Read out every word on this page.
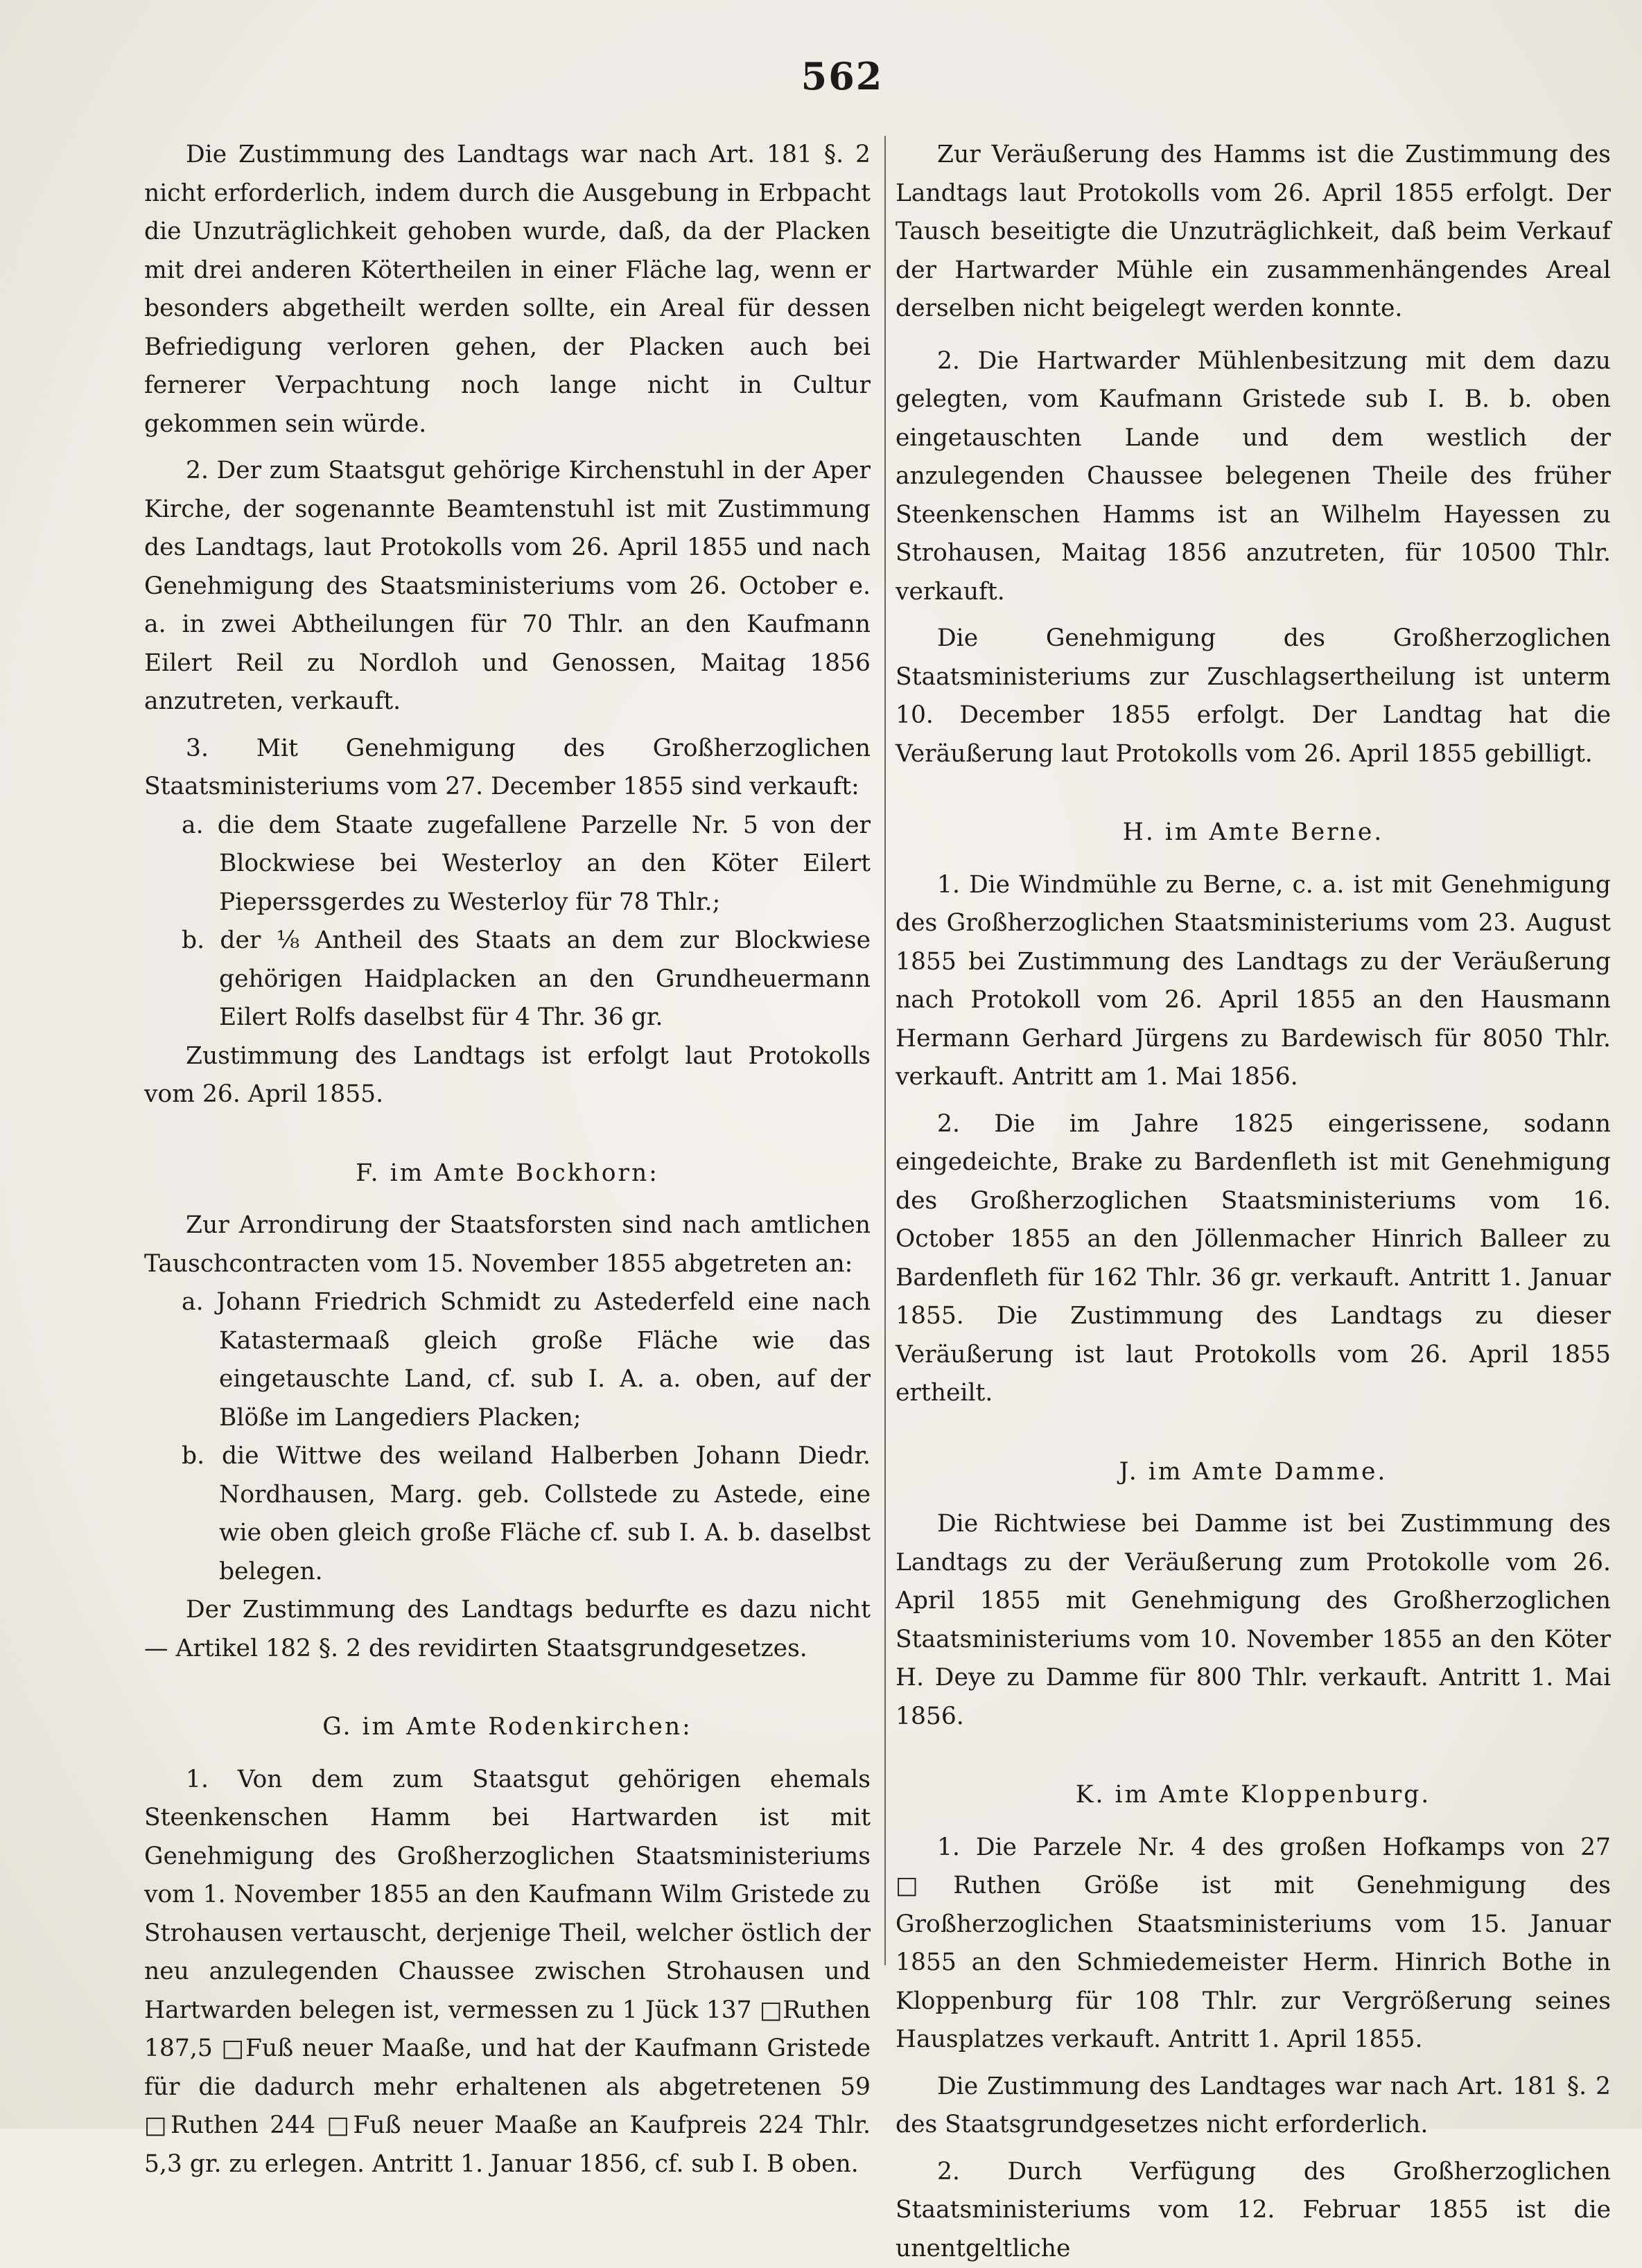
562

Die Zustimmung des Landtags war nach Art. 181 §. 2 nicht erforderlich, indem durch die Ausgebung in Erbpacht die Unzuträglichkeit gehoben wurde, daß, da der Placken mit drei anderen Kötertheilen in einer Fläche lag, wenn er besonders abgetheilt werden sollte, ein Areal für dessen Befriedigung verloren gehen, der Placken auch bei fernerer Verpachtung noch lange nicht in Cultur gekommen sein würde.

2. Der zum Staatsgut gehörige Kirchenstuhl in der Aper Kirche, der sogenannte Beamtenstuhl ist mit Zustimmung des Landtags, laut Protokolls vom 26. April 1855 und nach Genehmigung des Staatsministeriums vom 26. October e. a. in zwei Abtheilungen für 70 Thlr. an den Kaufmann Eilert Reil zu Nordloh und Genossen, Maitag 1856 anzutreten, verkauft.

3. Mit Genehmigung des Großherzoglichen Staatsministeriums vom 27. December 1855 sind verkauft:

a. die dem Staate zugefallene Parzelle Nr. 5 von der Blockwiese bei Westerloy an den Köter Eilert Pieperssgerdes zu Westerloy für 78 Thlr.;

b. der ⅛ Antheil des Staats an dem zur Blockwiese gehörigen Haidplacken an den Grundheuermann Eilert Rolfs daselbst für 4 Thr. 36 gr.

Zustimmung des Landtags ist erfolgt laut Protokolls vom 26. April 1855.

F. im Amte Bockhorn:

Zur Arrondirung der Staatsforsten sind nach amtlichen Tauschcontracten vom 15. November 1855 abgetreten an:

a. Johann Friedrich Schmidt zu Astederfeld eine nach Katastermaaß gleich große Fläche wie das eingetauschte Land, cf. sub I. A. a. oben, auf der Blöße im Langediers Placken;

b. die Wittwe des weiland Halberben Johann Diedr. Nordhausen, Marg. geb. Collstede zu Astede, eine wie oben gleich große Fläche cf. sub I. A. b. daselbst belegen.

Der Zustimmung des Landtags bedurfte es dazu nicht — Artikel 182 §. 2 des revidirten Staatsgrundgesetzes.

G. im Amte Rodenkirchen:

1. Von dem zum Staatsgut gehörigen ehemals Steenkenschen Hamm bei Hartwarden ist mit Genehmigung des Großherzoglichen Staatsministeriums vom 1. November 1855 an den Kaufmann Wilm Gristede zu Strohausen vertauscht, derjenige Theil, welcher östlich der neu anzulegenden Chaussee zwischen Strohausen und Hartwarden belegen ist, vermessen zu 1 Jück 137 □Ruthen 187,5 □Fuß neuer Maaße, und hat der Kaufmann Gristede für die dadurch mehr erhaltenen als abgetretenen 59 □Ruthen 244 □Fuß neuer Maaße an Kaufpreis 224 Thlr. 5,3 gr. zu erlegen. Antritt 1. Januar 1856, cf. sub I. B oben.

Zur Veräußerung des Hamms ist die Zustimmung des Landtags laut Protokolls vom 26. April 1855 erfolgt. Der Tausch beseitigte die Unzuträglichkeit, daß beim Verkauf der Hartwarder Mühle ein zusammenhängendes Areal derselben nicht beigelegt werden konnte.

2. Die Hartwarder Mühlenbesitzung mit dem dazu gelegten, vom Kaufmann Gristede sub I. B. b. oben eingetauschten Lande und dem westlich der anzulegenden Chaussee belegenen Theile des früher Steenkenschen Hamms ist an Wilhelm Hayessen zu Strohausen, Maitag 1856 anzutreten, für 10500 Thlr. verkauft.

Die Genehmigung des Großherzoglichen Staatsministeriums zur Zuschlagsertheilung ist unterm 10. December 1855 erfolgt. Der Landtag hat die Veräußerung laut Protokolls vom 26. April 1855 gebilligt.

H. im Amte Berne.

1. Die Windmühle zu Berne, c. a. ist mit Genehmigung des Großherzoglichen Staatsministeriums vom 23. August 1855 bei Zustimmung des Landtags zu der Veräußerung nach Protokoll vom 26. April 1855 an den Hausmann Hermann Gerhard Jürgens zu Bardewisch für 8050 Thlr. verkauft. Antritt am 1. Mai 1856.

2. Die im Jahre 1825 eingerissene, sodann eingedeichte, Brake zu Bardenfleth ist mit Genehmigung des Großherzoglichen Staatsministeriums vom 16. October 1855 an den Jöllenmacher Hinrich Balleer zu Bardenfleth für 162 Thlr. 36 gr. verkauft. Antritt 1. Januar 1855. Die Zustimmung des Landtags zu dieser Veräußerung ist laut Protokolls vom 26. April 1855 ertheilt.

J. im Amte Damme.

Die Richtwiese bei Damme ist bei Zustimmung des Landtags zu der Veräußerung zum Protokolle vom 26. April 1855 mit Genehmigung des Großherzoglichen Staatsministeriums vom 10. November 1855 an den Köter H. Deye zu Damme für 800 Thlr. verkauft. Antritt 1. Mai 1856.

K. im Amte Kloppenburg.

1. Die Parzele Nr. 4 des großen Hofkamps von 27 □Ruthen Größe ist mit Genehmigung des Großherzoglichen Staatsministeriums vom 15. Januar 1855 an den Schmiedemeister Herm. Hinrich Bothe in Kloppenburg für 108 Thlr. zur Vergrößerung seines Hausplatzes verkauft. Antritt 1. April 1855.

Die Zustimmung des Landtages war nach Art. 181 §. 2 des Staatsgrundgesetzes nicht erforderlich.

2. Durch Verfügung des Großherzoglichen Staatsministeriums vom 12. Februar 1855 ist die unentgeltliche
